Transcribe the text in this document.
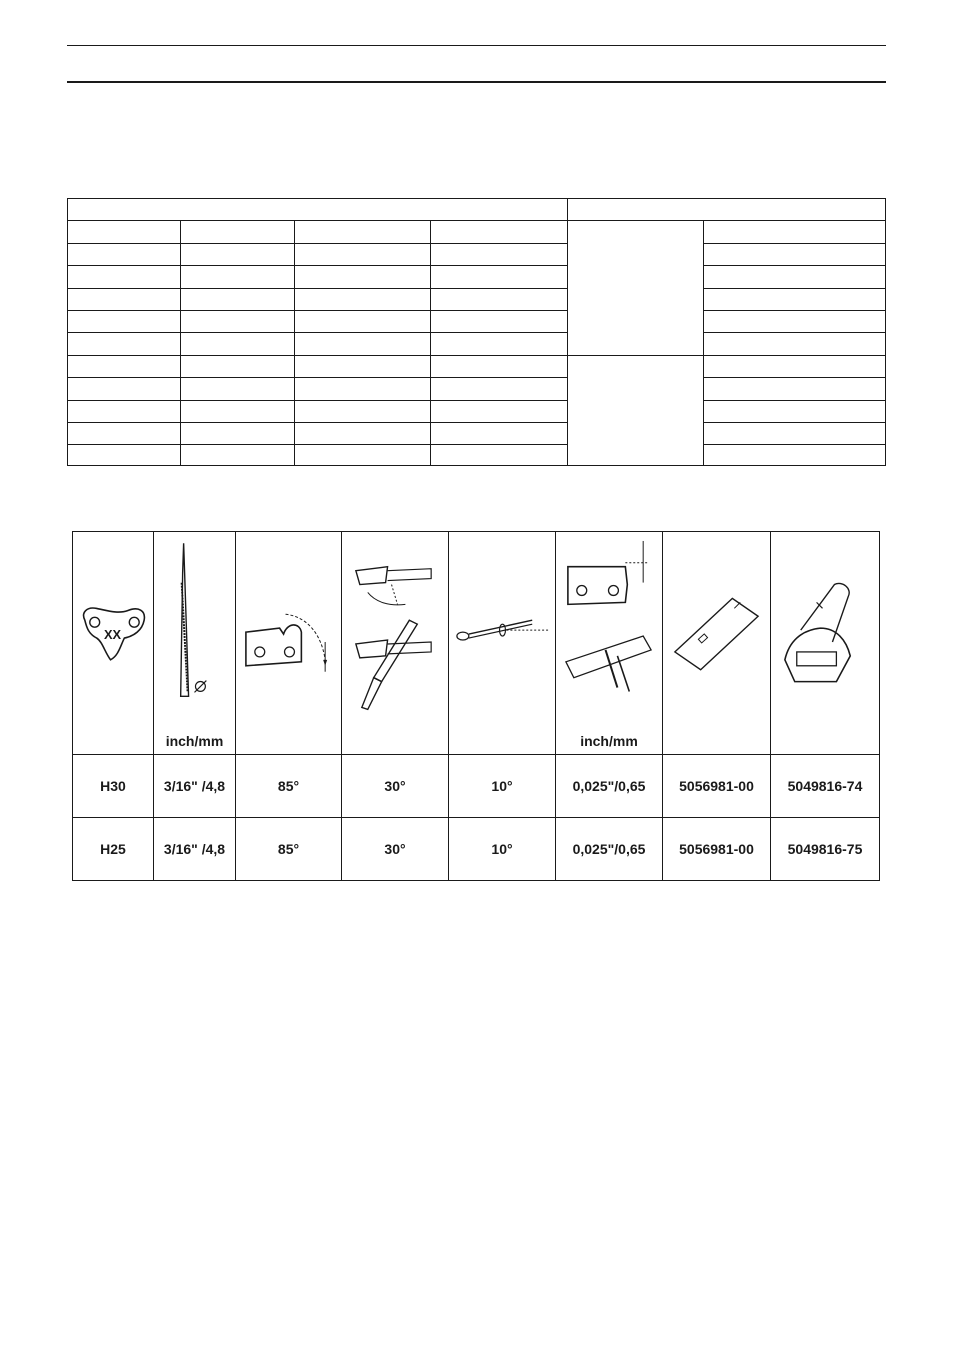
XX	inch/mm				inch/mm

H30	3/16" /4,8	85°	30°	10°	0,025"/0,65	5056981-00	5049816-74
H25	3/16" /4,8	85°	30°	10°	0,025"/0,65	5056981-00	5049816-75
